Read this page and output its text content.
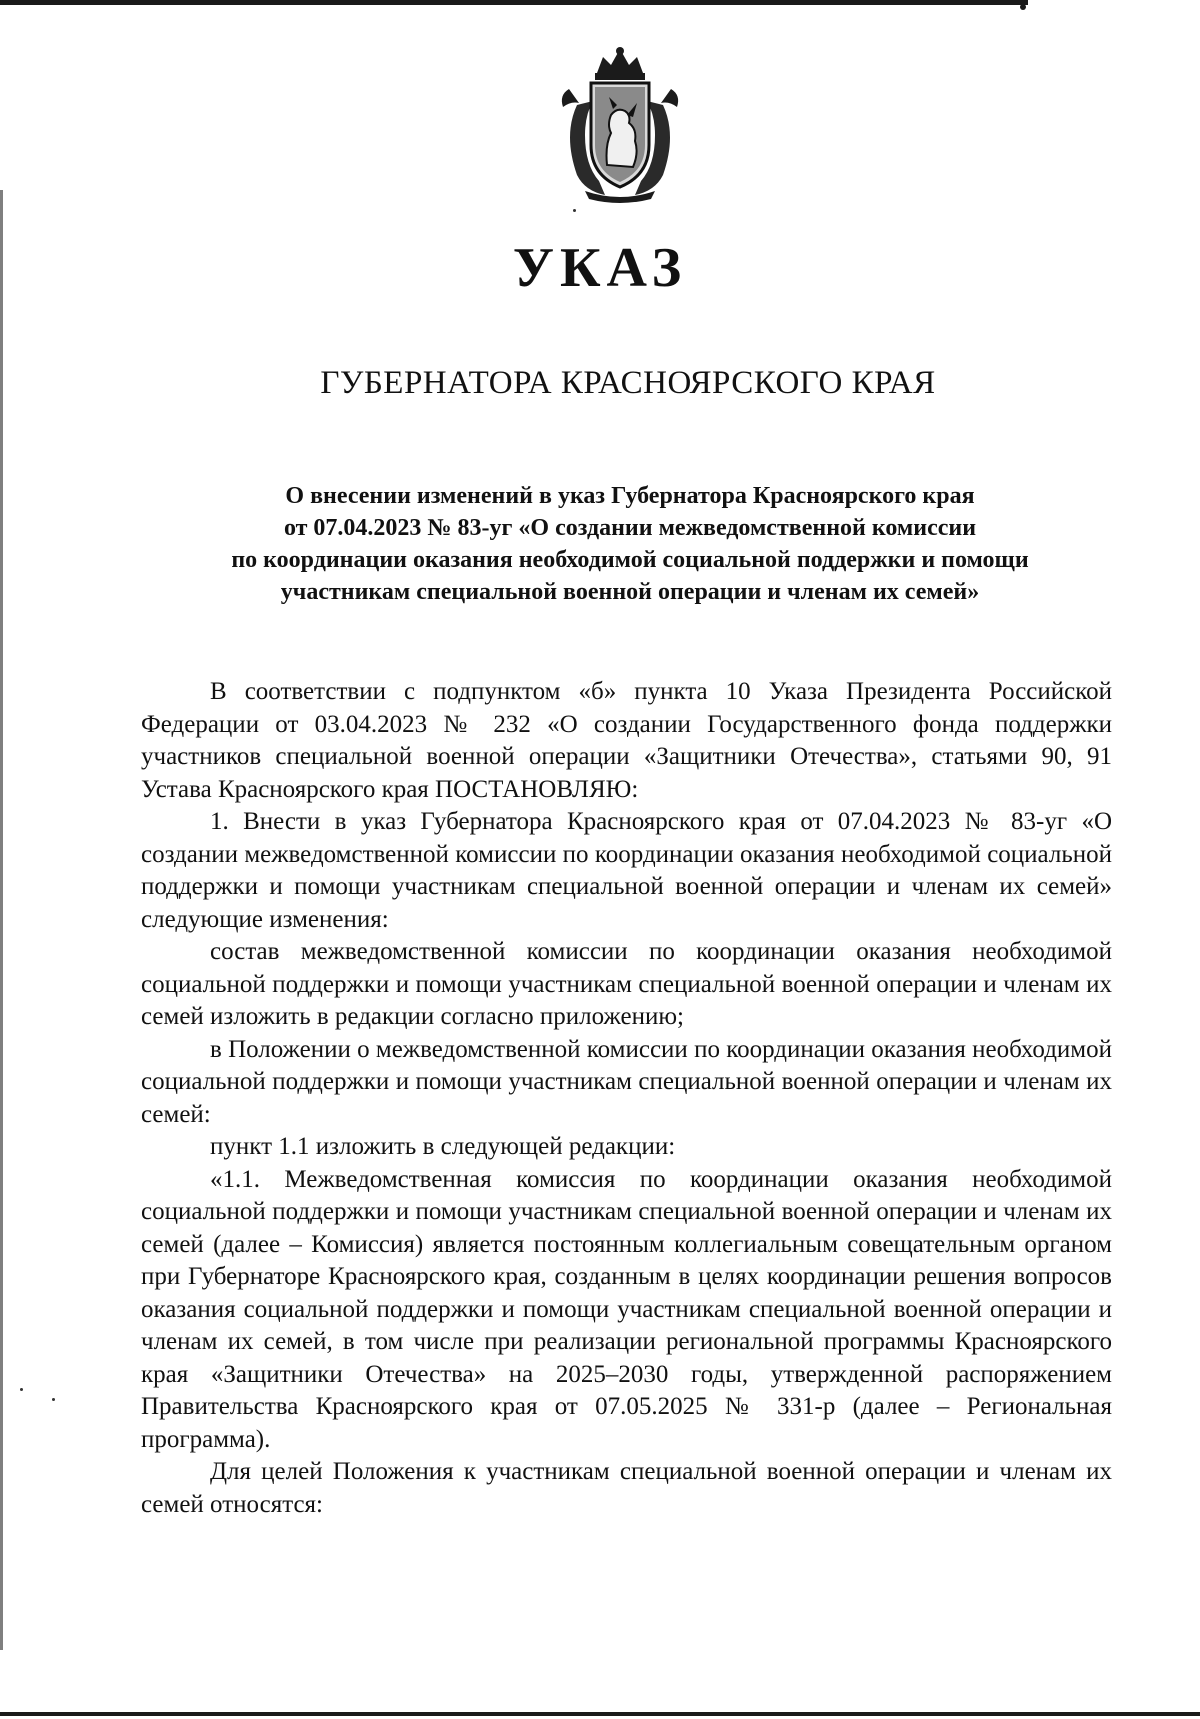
УКАЗ
ГУБЕРНАТОРА КРАСНОЯРСКОГО КРАЯ
О внесении изменений в указ Губернатора Красноярского края
от 07.04.2023 № 83-уг «О создании межведомственной комиссии
по координации оказания необходимой социальной поддержки и помощи
участникам специальной военной операции и членам их семей»

В соответствии с подпунктом «б» пункта 10 Указа Президента Российской Федерации от 03.04.2023 № 232 «О создании Государственного фонда поддержки участников специальной военной операции «Защитники Отечества», статьями 90, 91 Устава Красноярского края ПОСТАНОВЛЯЮ:

1. Внести в указ Губернатора Красноярского края от 07.04.2023 № 83-уг «О создании межведомственной комиссии по координации оказания необходимой социальной поддержки и помощи участникам специальной военной операции и членам их семей» следующие изменения:

состав межведомственной комиссии по координации оказания необходимой социальной поддержки и помощи участникам специальной военной операции и членам их семей изложить в редакции согласно приложению;

в Положении о межведомственной комиссии по координации оказания необходимой социальной поддержки и помощи участникам специальной военной операции и членам их семей:

пункт 1.1 изложить в следующей редакции:

«1.1. Межведомственная комиссия по координации оказания необходимой социальной поддержки и помощи участникам специальной военной операции и членам их семей (далее – Комиссия) является постоянным коллегиальным совещательным органом при Губернаторе Красноярского края, созданным в целях координации решения вопросов оказания социальной поддержки и помощи участникам специальной военной операции и членам их семей, в том числе при реализации региональной программы Красноярского края «Защитники Отечества» на 2025–2030 годы, утвержденной распоряжением Правительства Красноярского края от 07.05.2025 № 331-р (далее – Региональная программа).

Для целей Положения к участникам специальной военной операции и членам их семей относятся:
